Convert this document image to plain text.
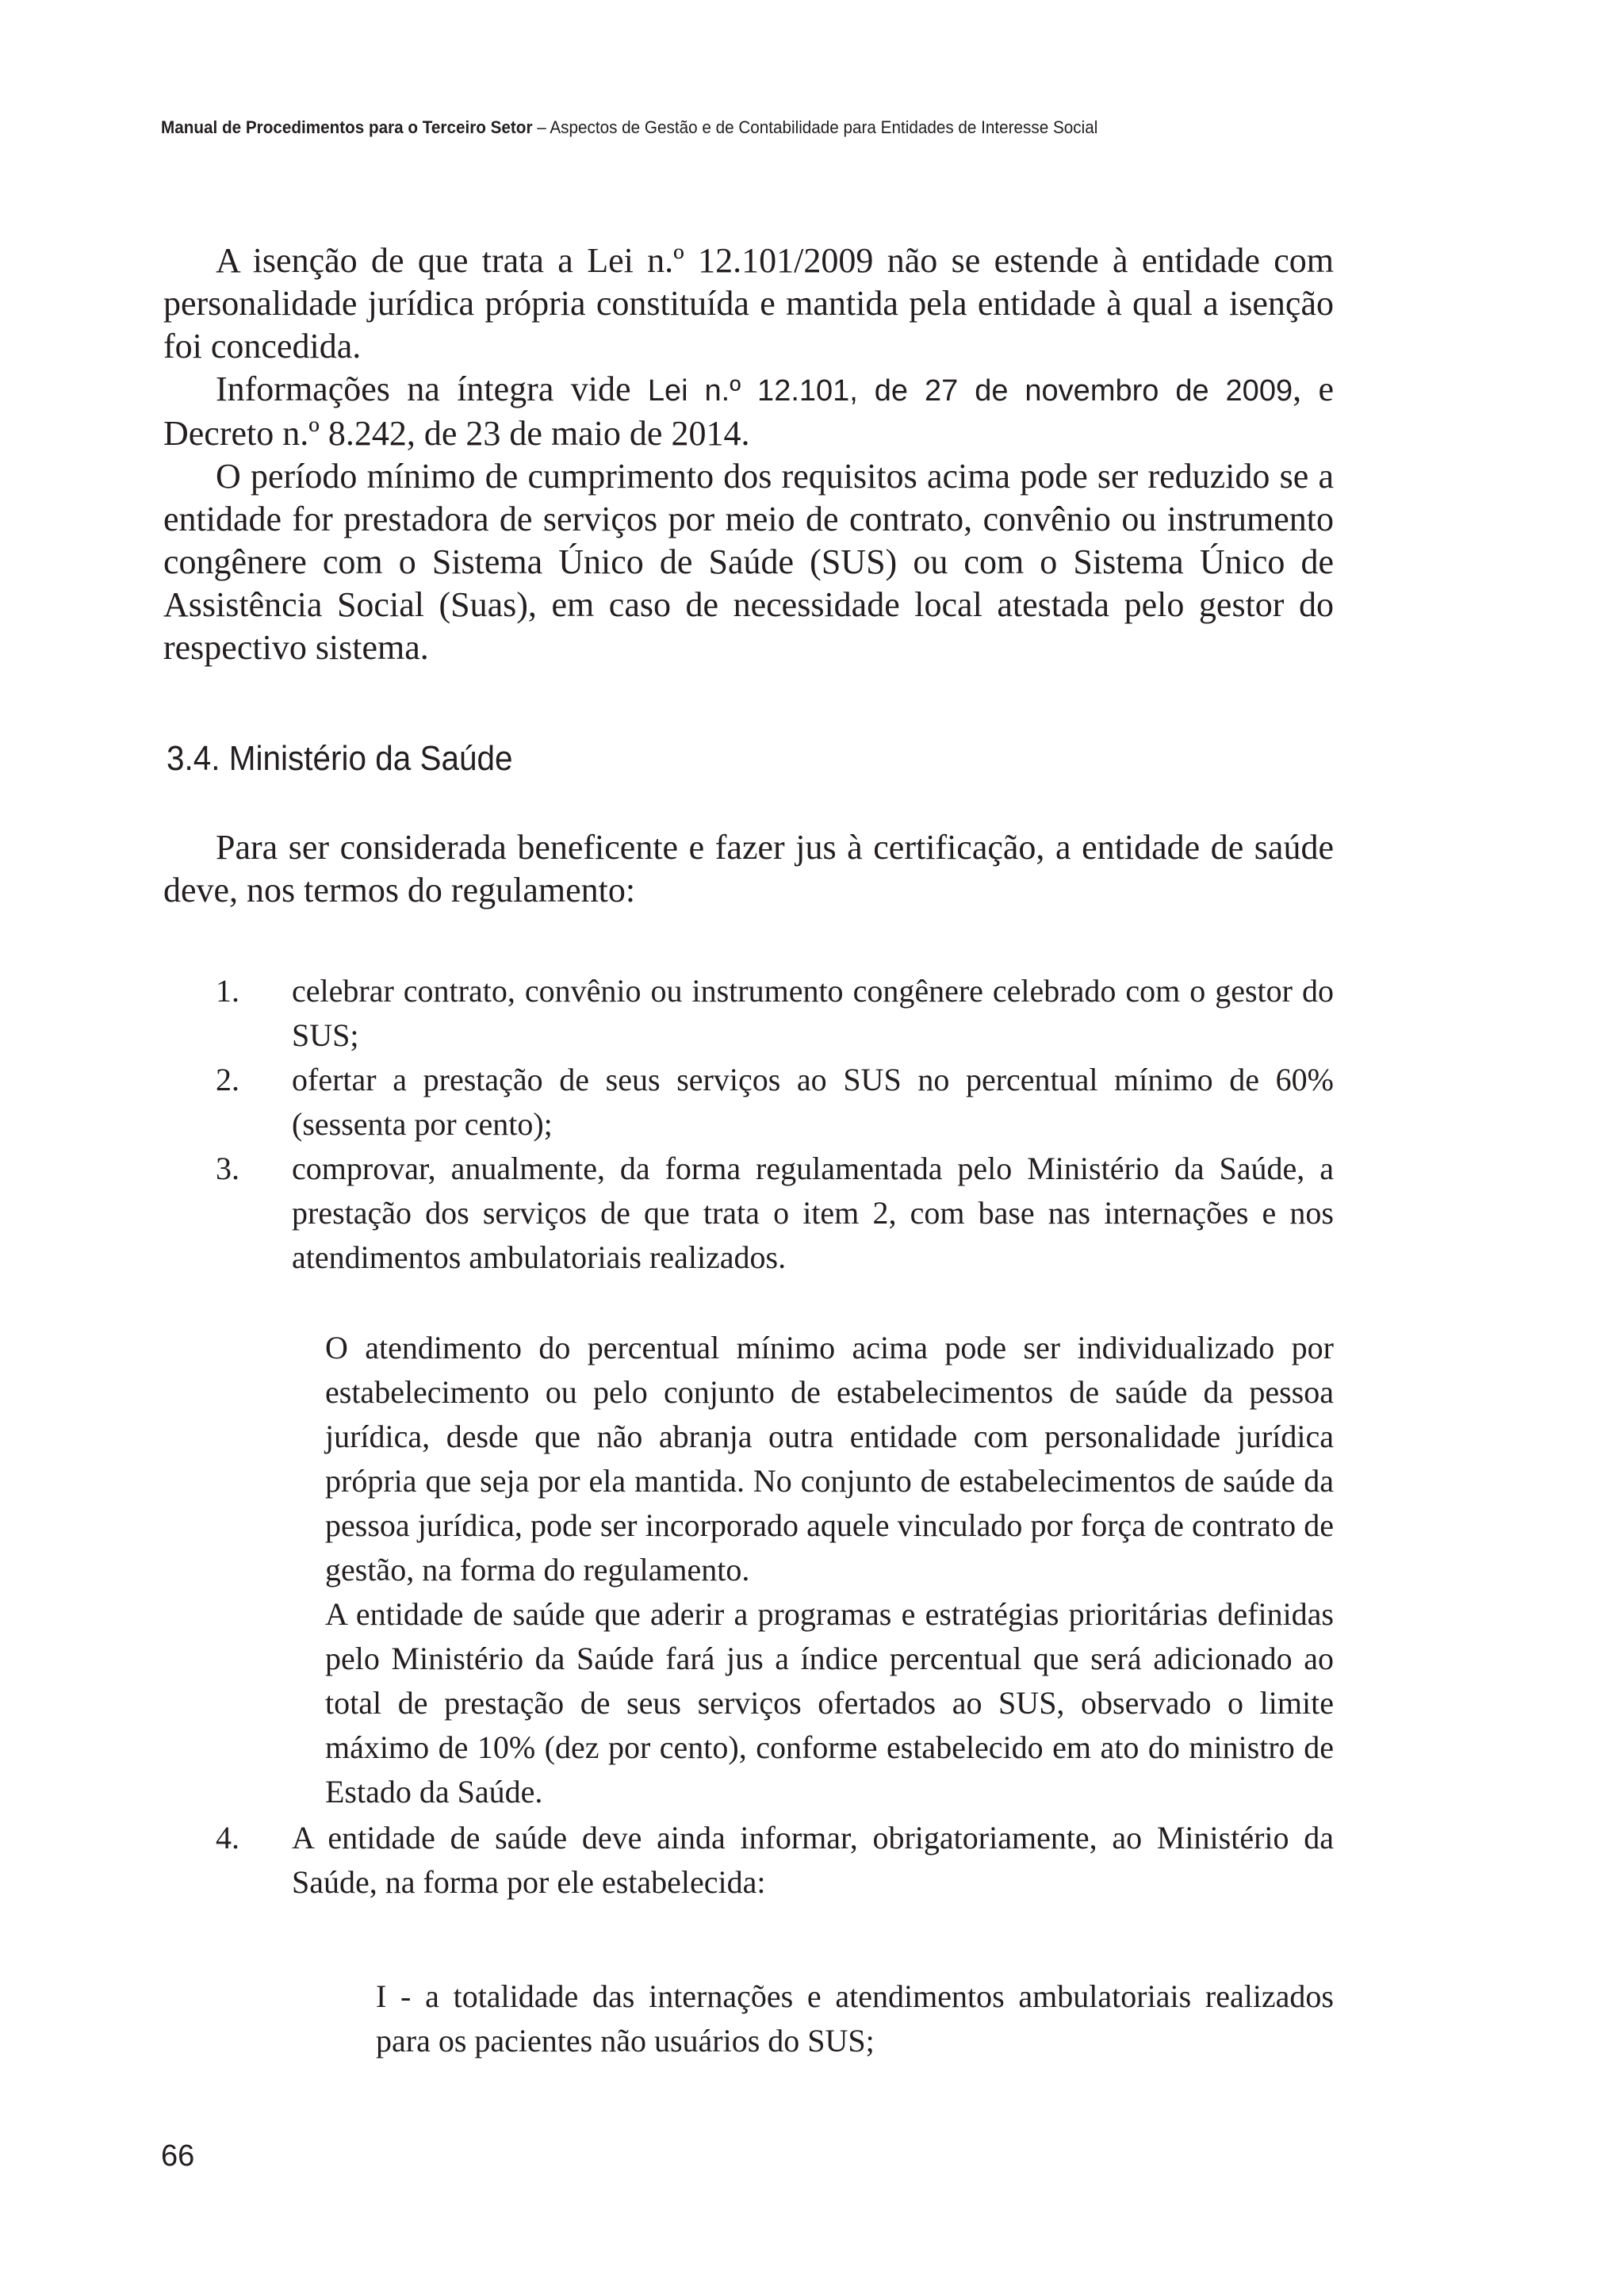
Manual de Procedimentos para o Terceiro Setor – Aspectos de Gestão e de Contabilidade para Entidades de Interesse Social

A isenção de que trata a Lei n.º 12.101/2009 não se estende à entidade com personalidade jurídica própria constituída e mantida pela entidade à qual a isenção foi concedida.

Informações na íntegra vide Lei n.º 12.101, de 27 de novembro de 2009, e Decreto n.º 8.242, de 23 de maio de 2014.

O período mínimo de cumprimento dos requisitos acima pode ser reduzido se a entidade for prestadora de serviços por meio de contrato, convênio ou instrumento congênere com o Sistema Único de Saúde (SUS) ou com o Sistema Único de Assistência Social (Suas), em caso de necessidade local atestada pelo gestor do respectivo sistema.

3.4. Ministério da Saúde

Para ser considerada beneficente e fazer jus à certificação, a entidade de saúde deve, nos termos do regulamento:

1. celebrar contrato, convênio ou instrumento congênere celebrado com o gestor do SUS;
2. ofertar a prestação de seus serviços ao SUS no percentual mínimo de 60% (sessenta por cento);
3. comprovar, anualmente, da forma regulamentada pelo Ministério da Saúde, a prestação dos serviços de que trata o item 2, com base nas internações e nos atendimentos ambulatoriais realizados.

O atendimento do percentual mínimo acima pode ser individualizado por estabelecimento ou pelo conjunto de estabelecimentos de saúde da pessoa jurídica, desde que não abranja outra entidade com personalidade jurídica própria que seja por ela mantida. No conjunto de estabelecimentos de saúde da pessoa jurídica, pode ser incorporado aquele vinculado por força de contrato de gestão, na forma do regulamento.

A entidade de saúde que aderir a programas e estratégias prioritárias definidas pelo Ministério da Saúde fará jus a índice percentual que será adicionado ao total de prestação de seus serviços ofertados ao SUS, observado o limite máximo de 10% (dez por cento), conforme estabelecido em ato do ministro de Estado da Saúde.

4. A entidade de saúde deve ainda informar, obrigatoriamente, ao Ministério da Saúde, na forma por ele estabelecida:

I - a totalidade das internações e atendimentos ambulatoriais realizados para os pacientes não usuários do SUS;

66
